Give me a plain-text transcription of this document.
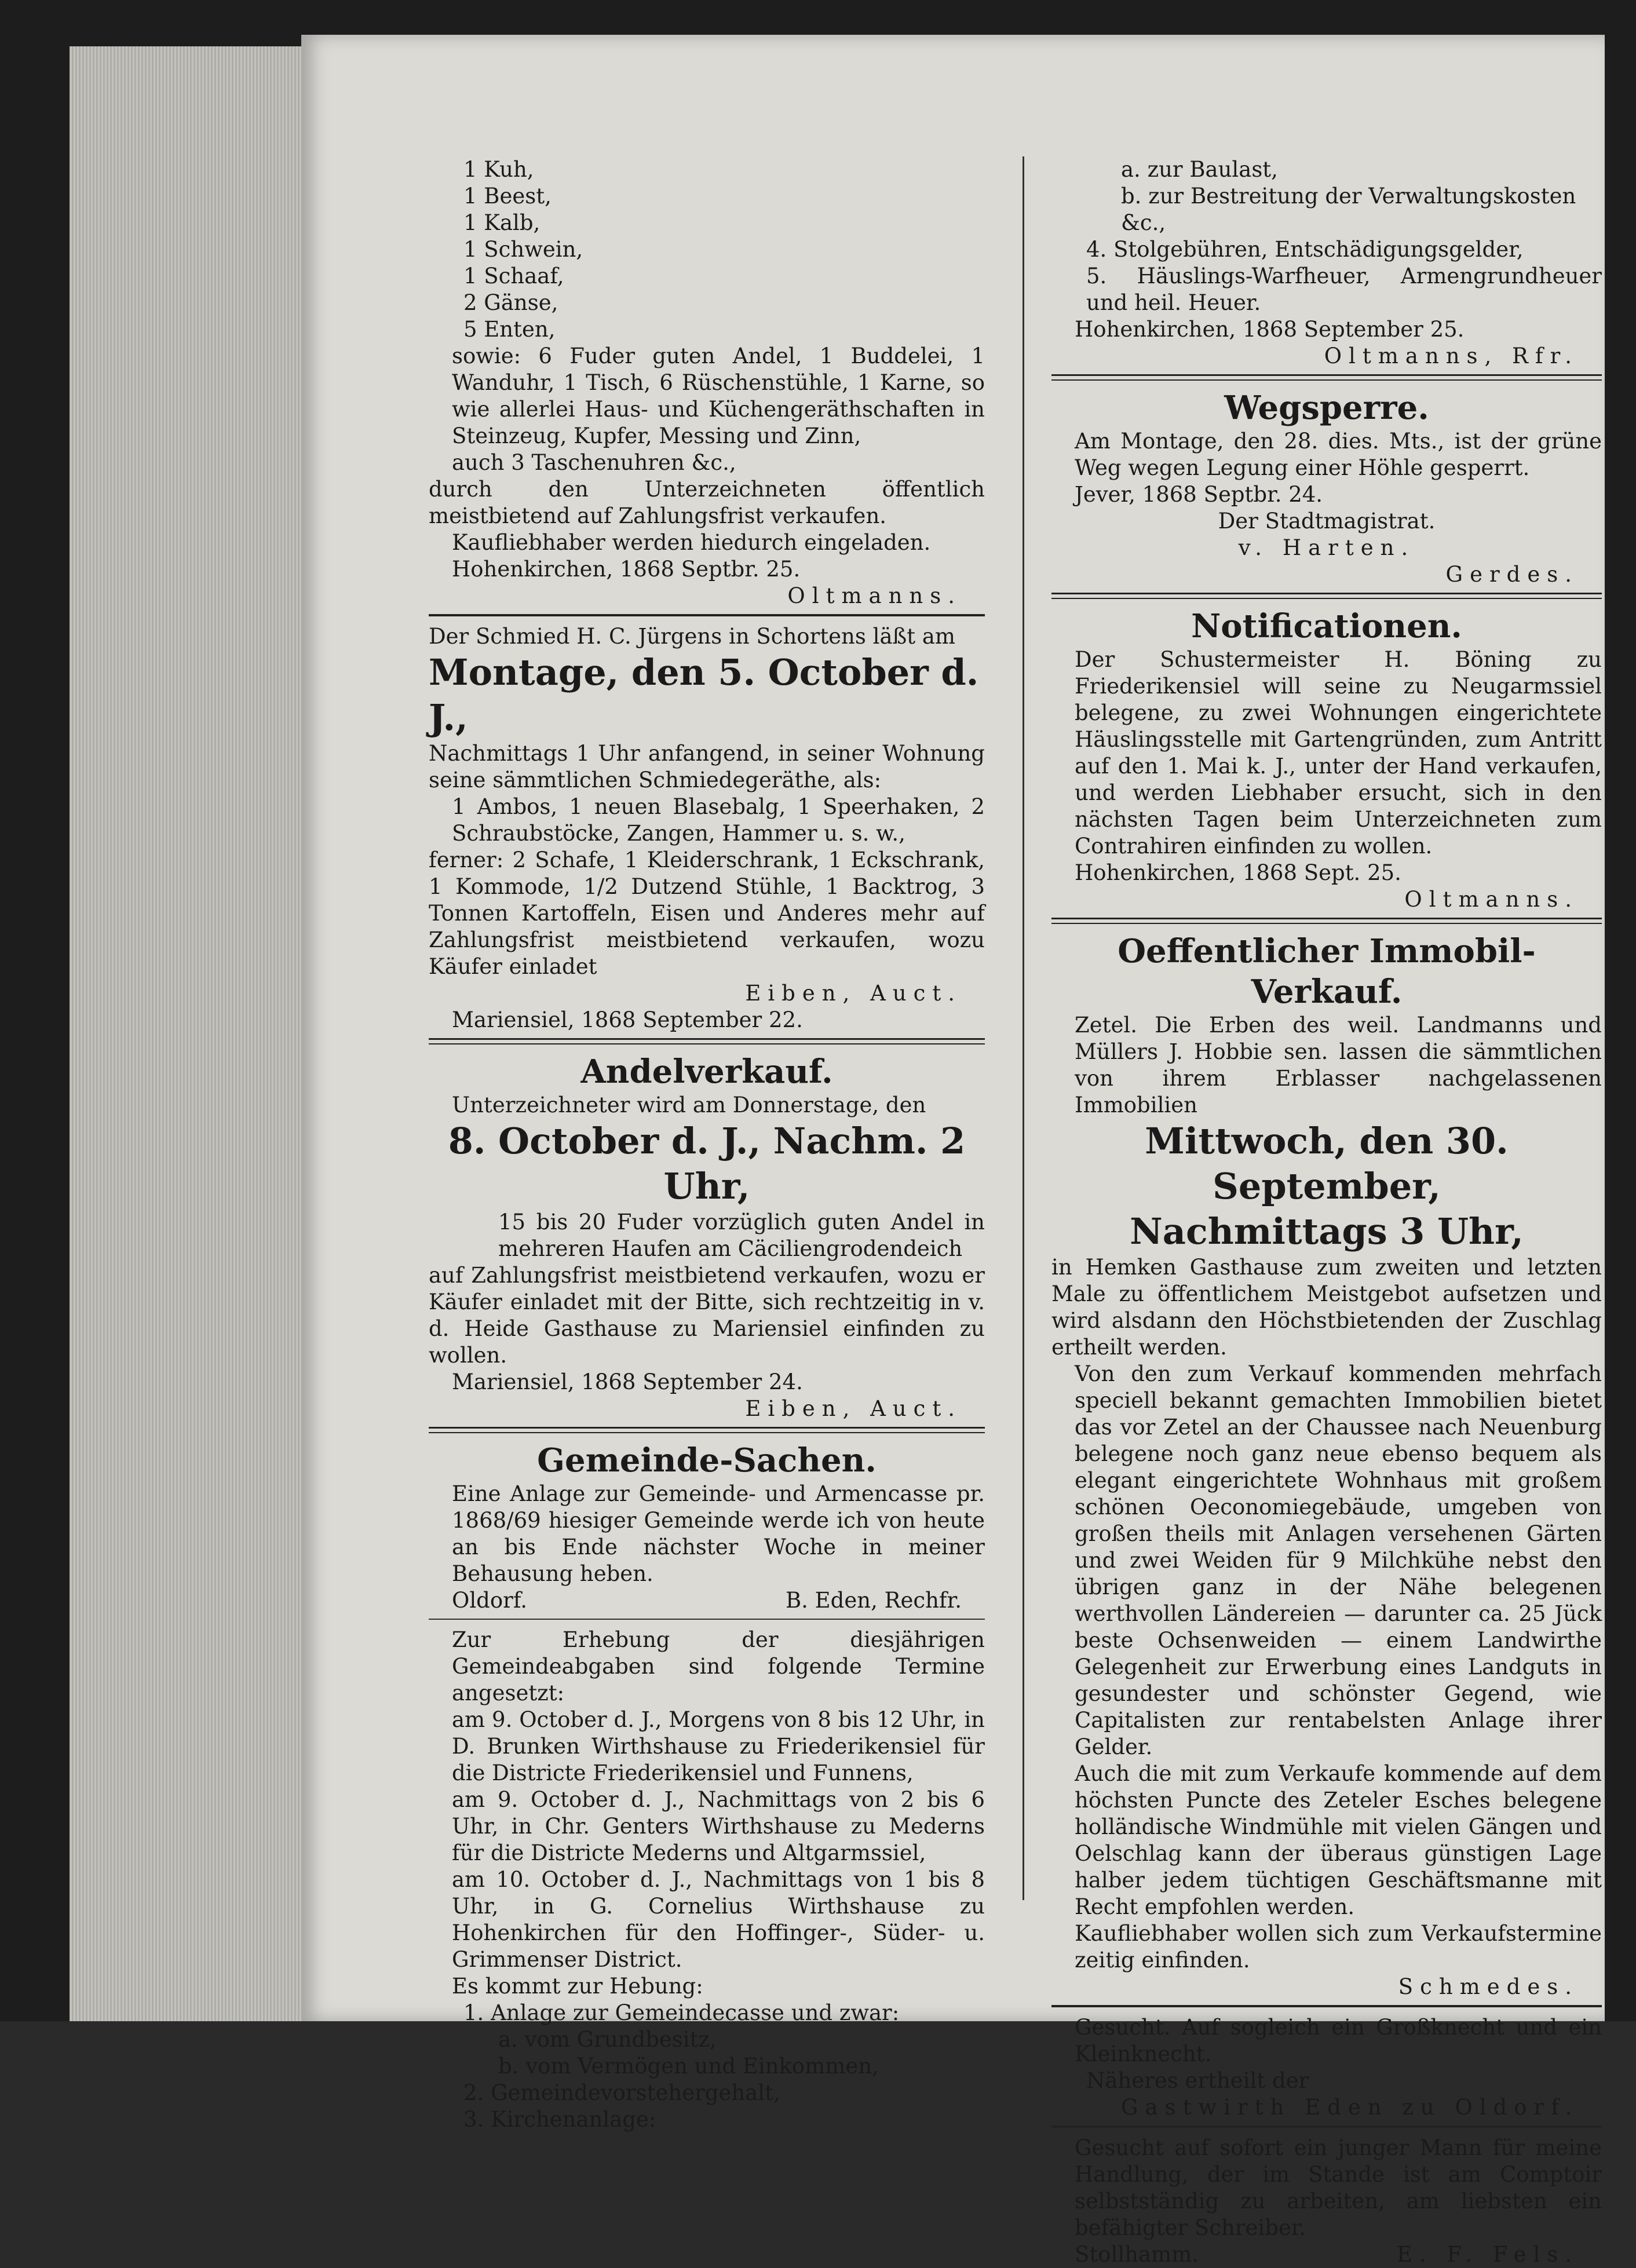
1 Kuh,
1 Beest,
1 Kalb,
1 Schwein,
1 Schaaf,
2 Gänse,
5 Enten,
sowie: 6 Fuder guten Andel, 1 Buddelei, 1 Wanduhr, 1 Tisch, 6 Rüschenstühle, 1 Karne, so wie allerlei Haus- und Küchengeräthschaften in Steinzeug, Kupfer, Messing und Zinn,
auch 3 Taschenuhren &c.,
durch den Unterzeichneten öffentlich meistbietend auf Zahlungsfrist verkaufen.
Kaufliebhaber werden hiedurch eingeladen.
Hohenkirchen, 1868 Septbr. 25.
Oltmanns.
Der Schmied H. C. Jürgens in Schortens läßt am
Montage, den 5. October d. J.,
Nachmittags 1 Uhr anfangend, in seiner Wohnung seine sämmtlichen Schmiedegeräthe, als:
1 Ambos, 1 neuen Blasebalg, 1 Speerhaken, 2 Schraubstöcke, Zangen, Hammer u. s. w.,
ferner: 2 Schafe, 1 Kleiderschrank, 1 Eckschrank, 1 Kommode, 1/2 Dutzend Stühle, 1 Backtrog, 3 Tonnen Kartoffeln, Eisen und Anderes mehr auf Zahlungsfrist meistbietend verkaufen, wozu Käufer einladet
Eiben, Auct.
Mariensiel, 1868 September 22.
Andelverkauf.
Unterzeichneter wird am Donnerstage, den
8. October d. J., Nachm. 2 Uhr,
15 bis 20 Fuder vorzüglich guten Andel in mehreren Haufen am Cäciliengrodendeich
auf Zahlungsfrist meistbietend verkaufen, wozu er Käufer einladet mit der Bitte, sich rechtzeitig in v. d. Heide Gasthause zu Mariensiel einfinden zu wollen.
Mariensiel, 1868 September 24.
Eiben, Auct.
Gemeinde-Sachen.
Eine Anlage zur Gemeinde- und Armencasse pr. 1868/69 hiesiger Gemeinde werde ich von heute an bis Ende nächster Woche in meiner Behausung heben.
Oldorf.	B. Eden, Rechfr.
Zur Erhebung der diesjährigen Gemeindeabgaben sind folgende Termine angesetzt:
am 9. October d. J., Morgens von 8 bis 12 Uhr, in D. Brunken Wirthshause zu Friederikensiel für die Districte Friederikensiel und Funnens,
am 9. October d. J., Nachmittags von 2 bis 6 Uhr, in Chr. Genters Wirthshause zu Mederns für die Districte Mederns und Altgarmssiel,
am 10. October d. J., Nachmittags von 1 bis 8 Uhr, in G. Cornelius Wirthshause zu Hohenkirchen für den Hoffinger-, Süder- u. Grimmenser District.
Es kommt zur Hebung:
1. Anlage zur Gemeindecasse und zwar:
a. vom Grundbesitz,
b. vom Vermögen und Einkommen,
2. Gemeindevorstehergehalt,
3. Kirchenanlage:
a. zur Baulast,
b. zur Bestreitung der Verwaltungskosten &c.,
4. Stolgebühren, Entschädigungsgelder,
5. Häuslings-Warfheuer, Armengrundheuer und heil. Heuer.
Hohenkirchen, 1868 September 25.
Oltmanns, Rfr.
Wegsperre.
Am Montage, den 28. dies. Mts., ist der grüne Weg wegen Legung einer Höhle gesperrt.
Jever, 1868 Septbr. 24.
Der Stadtmagistrat.
v. Harten.
Gerdes.
Notificationen.
Der Schustermeister H. Böning zu Friederikensiel will seine zu Neugarmssiel belegene, zu zwei Wohnungen eingerichtete Häuslingsstelle mit Gartengründen, zum Antritt auf den 1. Mai k. J., unter der Hand verkaufen, und werden Liebhaber ersucht, sich in den nächsten Tagen beim Unterzeichneten zum Contrahiren einfinden zu wollen.
Hohenkirchen, 1868 Sept. 25.
Oltmanns.
Oeffentlicher Immobil-Verkauf.
Zetel. Die Erben des weil. Landmanns und Müllers J. Hobbie sen. lassen die sämmtlichen von ihrem Erblasser nachgelassenen Immobilien
Mittwoch, den 30. September,
Nachmittags 3 Uhr,
in Hemken Gasthause zum zweiten und letzten Male zu öffentlichem Meistgebot aufsetzen und wird alsdann den Höchstbietenden der Zuschlag ertheilt werden.
Von den zum Verkauf kommenden mehrfach speciell bekannt gemachten Immobilien bietet das vor Zetel an der Chaussee nach Neuenburg belegene noch ganz neue ebenso bequem als elegant eingerichtete Wohnhaus mit großem schönen Oeconomiegebäude, umgeben von großen theils mit Anlagen versehenen Gärten und zwei Weiden für 9 Milchkühe nebst den übrigen ganz in der Nähe belegenen werthvollen Ländereien — darunter ca. 25 Jück beste Ochsenweiden — einem Landwirthe Gelegenheit zur Erwerbung eines Landguts in gesundester und schönster Gegend, wie Capitalisten zur rentabelsten Anlage ihrer Gelder.
Auch die mit zum Verkaufe kommende auf dem höchsten Puncte des Zeteler Esches belegene holländische Windmühle mit vielen Gängen und Oelschlag kann der überaus günstigen Lage halber jedem tüchtigen Geschäftsmanne mit Recht empfohlen werden.
Kaufliebhaber wollen sich zum Verkaufstermine zeitig einfinden.
Schmedes.
Gesucht. Auf sogleich ein Großknecht und ein Kleinknecht.
Näheres ertheilt der
Gastwirth Eden zu Oldorf.
Gesucht auf sofort ein junger Mann für meine Handlung, der im Stande ist am Comptoir selbstständig zu arbeiten, am liebsten ein befähigter Schreiber.
Stollhamm.	E. F. Fels.
